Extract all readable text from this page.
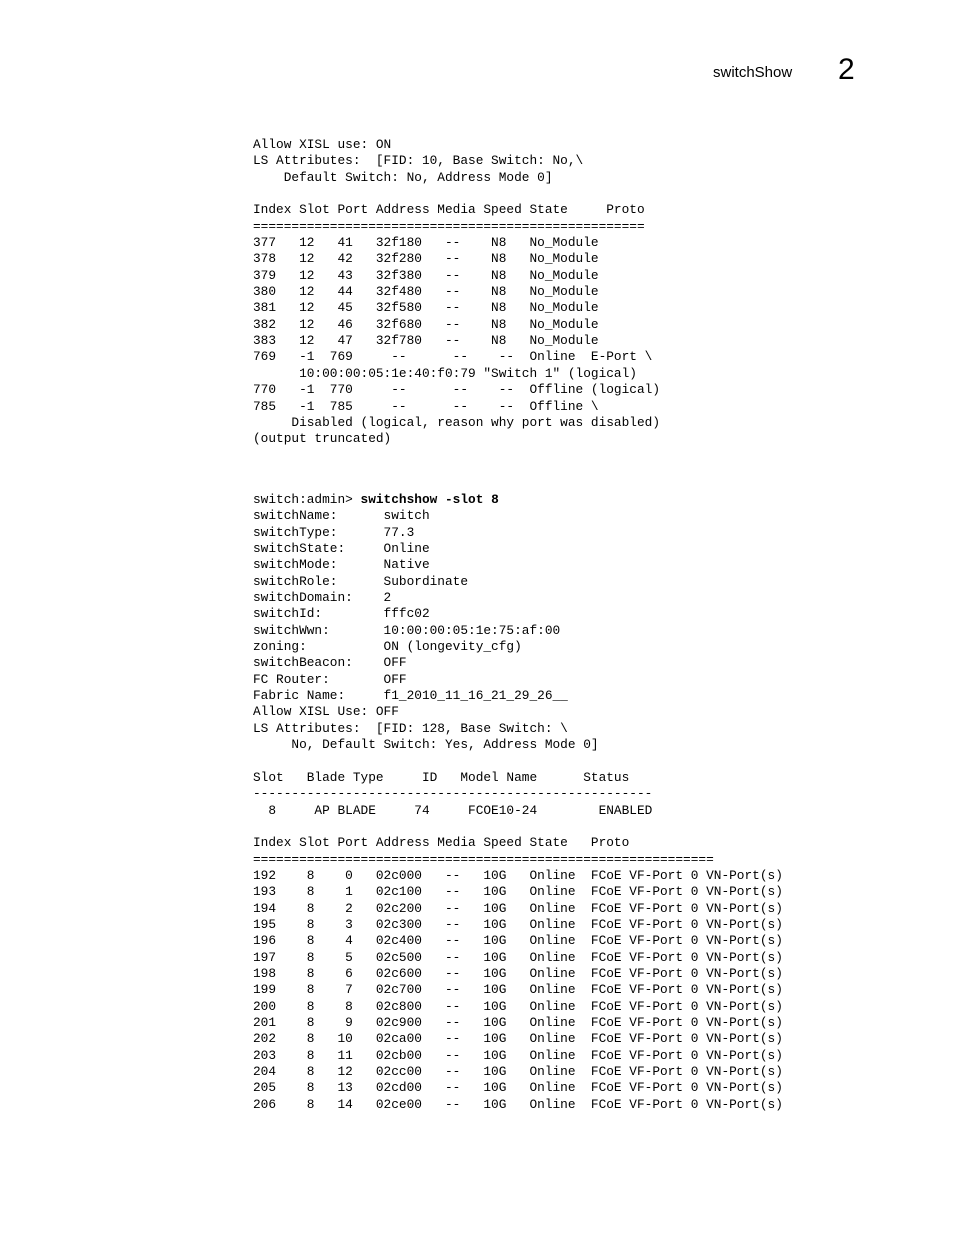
switchShow 2
Allow XISL use: ON
LS Attributes:  [FID: 10, Base Switch: No,\
Default Switch: No, Address Mode 0]
Index Slot Port Address Media Speed State     Proto
===================================================
377   12   41   32f180   --    N8   No_Module
378   12   42   32f280   --    N8   No_Module
379   12   43   32f380   --    N8   No_Module
380   12   44   32f480   --    N8   No_Module
381   12   45   32f580   --    N8   No_Module
382   12   46   32f680   --    N8   No_Module
383   12   47   32f780   --    N8   No_Module
769   -1  769     --      --    --  Online  E-Port \
10:00:00:05:1e:40:f0:79 "Switch 1" (logical)
770   -1  770     --      --    --  Offline (logical)
785   -1  785     --      --    --  Offline \
Disabled (logical, reason why port was disabled)
(output truncated)
switch:admin> switchshow -slot 8
switchName:      switch
switchType:      77.3
switchState:     Online
switchMode:      Native
switchRole:      Subordinate
switchDomain:    2
switchId:        fffc02
switchWwn:       10:00:00:05:1e:75:af:00
zoning:          ON (longevity_cfg)
switchBeacon:    OFF
FC Router:       OFF
Fabric Name:     f1_2010_11_16_21_29_26__
Allow XISL Use: OFF
LS Attributes:  [FID: 128, Base Switch: \
No, Default Switch: Yes, Address Mode 0]
Slot   Blade Type     ID   Model Name      Status
----------------------------------------------------
8     AP BLADE     74     FCOE10-24        ENABLED
Index Slot Port Address Media Speed State   Proto
============================================================
192    8    0   02c000   --   10G   Online  FCoE VF-Port 0 VN-Port(s)
193    8    1   02c100   --   10G   Online  FCoE VF-Port 0 VN-Port(s)
194    8    2   02c200   --   10G   Online  FCoE VF-Port 0 VN-Port(s)
195    8    3   02c300   --   10G   Online  FCoE VF-Port 0 VN-Port(s)
196    8    4   02c400   --   10G   Online  FCoE VF-Port 0 VN-Port(s)
197    8    5   02c500   --   10G   Online  FCoE VF-Port 0 VN-Port(s)
198    8    6   02c600   --   10G   Online  FCoE VF-Port 0 VN-Port(s)
199    8    7   02c700   --   10G   Online  FCoE VF-Port 0 VN-Port(s)
200    8    8   02c800   --   10G   Online  FCoE VF-Port 0 VN-Port(s)
201    8    9   02c900   --   10G   Online  FCoE VF-Port 0 VN-Port(s)
202    8   10   02ca00   --   10G   Online  FCoE VF-Port 0 VN-Port(s)
203    8   11   02cb00   --   10G   Online  FCoE VF-Port 0 VN-Port(s)
204    8   12   02cc00   --   10G   Online  FCoE VF-Port 0 VN-Port(s)
205    8   13   02cd00   --   10G   Online  FCoE VF-Port 0 VN-Port(s)
206    8   14   02ce00   --   10G   Online  FCoE VF-Port 0 VN-Port(s)
